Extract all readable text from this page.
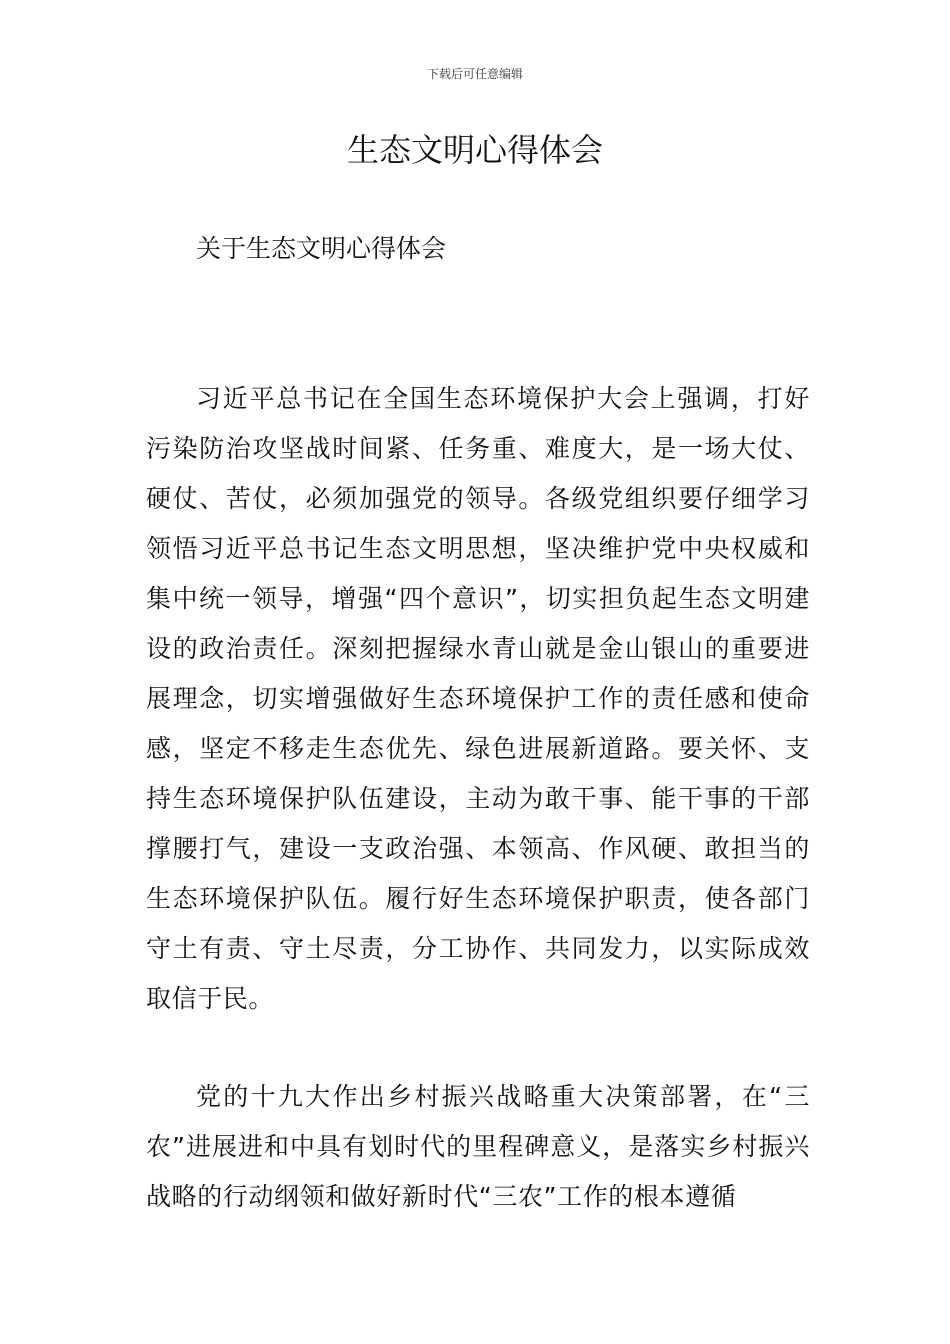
下载后可任意编辑
生态文明心得体会
关于生态文明心得体会

习近平总书记在全国生态环境保护大会上强调，打好污染防治攻坚战时间紧、任务重、难度大，是一场大仗、硬仗、苦仗，必须加强党的领导。各级党组织要仔细学习领悟习近平总书记生态文明思想，坚决维护党中央权威和集中统一领导，增强“四个意识”，切实担负起生态文明建设的政治责任。深刻把握绿水青山就是金山银山的重要进展理念，切实增强做好生态环境保护工作的责任感和使命感，坚定不移走生态优先、绿色进展新道路。要关怀、支持生态环境保护队伍建设，主动为敢干事、能干事的干部撑腰打气，建设一支政治强、本领高、作风硬、敢担当的生态环境保护队伍。履行好生态环境保护职责，使各部门守土有责、守土尽责，分工协作、共同发力，以实际成效取信于民。

党的十九大作出乡村振兴战略重大决策部署，在“三农”进展进和中具有划时代的里程碑意义，是落实乡村振兴战略的行动纲领和做好新时代“三农”工作的根本遵循
